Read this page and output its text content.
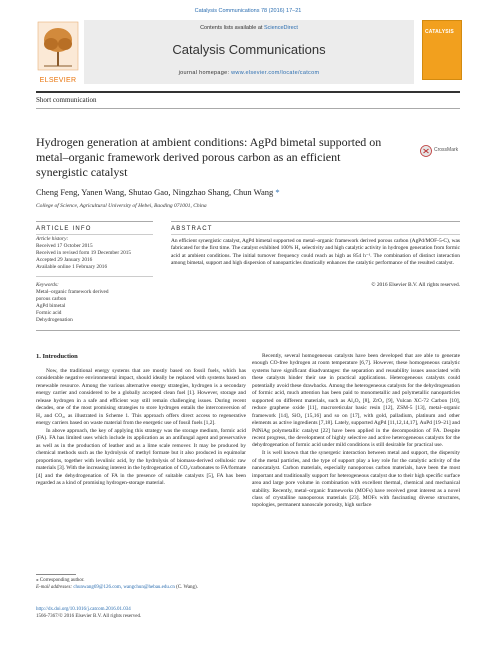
Catalysis Communications 78 (2016) 17–21
ELSEVIER
Contents lists available at ScienceDirect
Catalysis Communications
journal homepage: www.elsevier.com/locate/catcom
CATALYSIS
Short communication
Hydrogen generation at ambient conditions: AgPd bimetal supported on metal–organic framework derived porous carbon as an efficient synergistic catalyst
CrossMark
Cheng Feng, Yanen Wang, Shutao Gao, Ningzhao Shang, Chun Wang *
College of Science, Agricultural University of Hebei, Baoding 071001, China
ARTICLE INFO	ABSTRACT
Article history:
Received 17 October 2015
Received in revised form 19 December 2015
Accepted 29 January 2016
Available online 1 February 2016
Keywords:
Metal–organic framework derived
porous carbon
AgPd bimetal
Formic acid
Dehydrogenation
An efficient synergistic catalyst, AgPd bimetal supported on metal–organic framework derived porous carbon (AgPd/MOF-5-C), was fabricated for the first time. The catalyst exhibited 100% H₂ selectivity and high catalytic activity in hydrogen generation from formic acid at ambient conditions. The initial turnover frequency could reach as high as 854 h⁻¹. The combination of distinct interaction among bimetal, support and high dispersion of nanoparticles drastically enhances the catalytic performance of the resulted catalyst.
© 2016 Elsevier B.V. All rights reserved.
1. Introduction

Now, the traditional energy systems that are mostly based on fossil fuels, which has considerable negative environmental impact, should ideally be replaced with systems based on renewable resource. Among the various alternative energy strategies, hydrogen is a secondary energy carrier and considered to be a globally accepted clean fuel [1]. However, storage and release hydrogen in a safe and efficient way still remain challenging issues. During recent decades, one of the most promising strategies to store hydrogen entails the interconversion of H₂ and CO₂, as illustrated in Scheme 1. This approach offers direct access to regenerative energy carriers based on waste material from the energetic use of fossil fuels [1,2].

In above approach, the key of applying this strategy was the storage medium, formic acid (FA). FA has limited uses which include its application as an antifungal agent and preservative as well as in the production of leather and as a lime scale remover. It may be produced by chemical methods such as the hydrolysis of methyl formate but it also produced in equimolar proportions, together with levulinic acid, by the hydrolysis of biomass-derived cellulosic raw materials [3]. With the increasing interest in the hydrogenation of CO₂/carbonates to FA/formate [4] and the dehydrogenation of FA in the presence of suitable catalysts [5], FA has been regarded as a kind of promising hydrogen-storage material.

Recently, several homogeneous catalysts have been developed that are able to generate enough CO-free hydrogen at room temperature [6,7]. However, these homogeneous catalytic systems have significant disadvantages: the separation and reusability issues associated with these catalysts hinder their use in practical applications. Heterogeneous catalysts could potentially avoid these drawbacks. Among the heterogeneous catalysts for the dehydrogenation of formic acid, much attention has been paid to monometallic and polymetallic nanoparticles supported on different materials, such as Al₂O₃ [8], ZrO₂ [9], Vulcan XC-72 Carbon [10], reduce graphene oxide [11], macroreticular basic resin [12], ZSM-5 [13], metal–organic framework [14], SiO₂ [15,16] and so on [17], with gold, palladium, platinum and other elements as active ingredients [7,18]. Lately, supported AgPd [11,12,14,17], AuPd [19–21] and PdNiAg polymetallic catalyst [22] have been applied in the decomposition of FA. Despite recent progress, the development of highly selective and active heterogeneous catalysts for the dehydrogenation of formic acid under mild conditions is still desirable for practical use.

It is well known that the synergetic interaction between metal and support, the dispersity of the metal particles, and the type of support play a key role for the catalytic activity of the nanocatalyst. Carbon materials, especially nanoporous carbon materials, have been the most important and traditionally support for heterogeneous catalyst due to their high specific surface area and large pore volume in combination with excellent thermal, chemical and mechanical stability. Recently, metal–organic frameworks (MOFs) have received great interest as a novel class of crystalline nanoporous materials [23]. MOFs with fascinating diverse structures, topologies, permanent nanoscale porosity, high surface

⁎ Corresponding author.
E-mail addresses: chunwang69@126.com, wangchun@hebau.edu.cn (C. Wang).
http://dx.doi.org/10.1016/j.catcom.2016.01.034
1566-7367/© 2016 Elsevier B.V. All rights reserved.
